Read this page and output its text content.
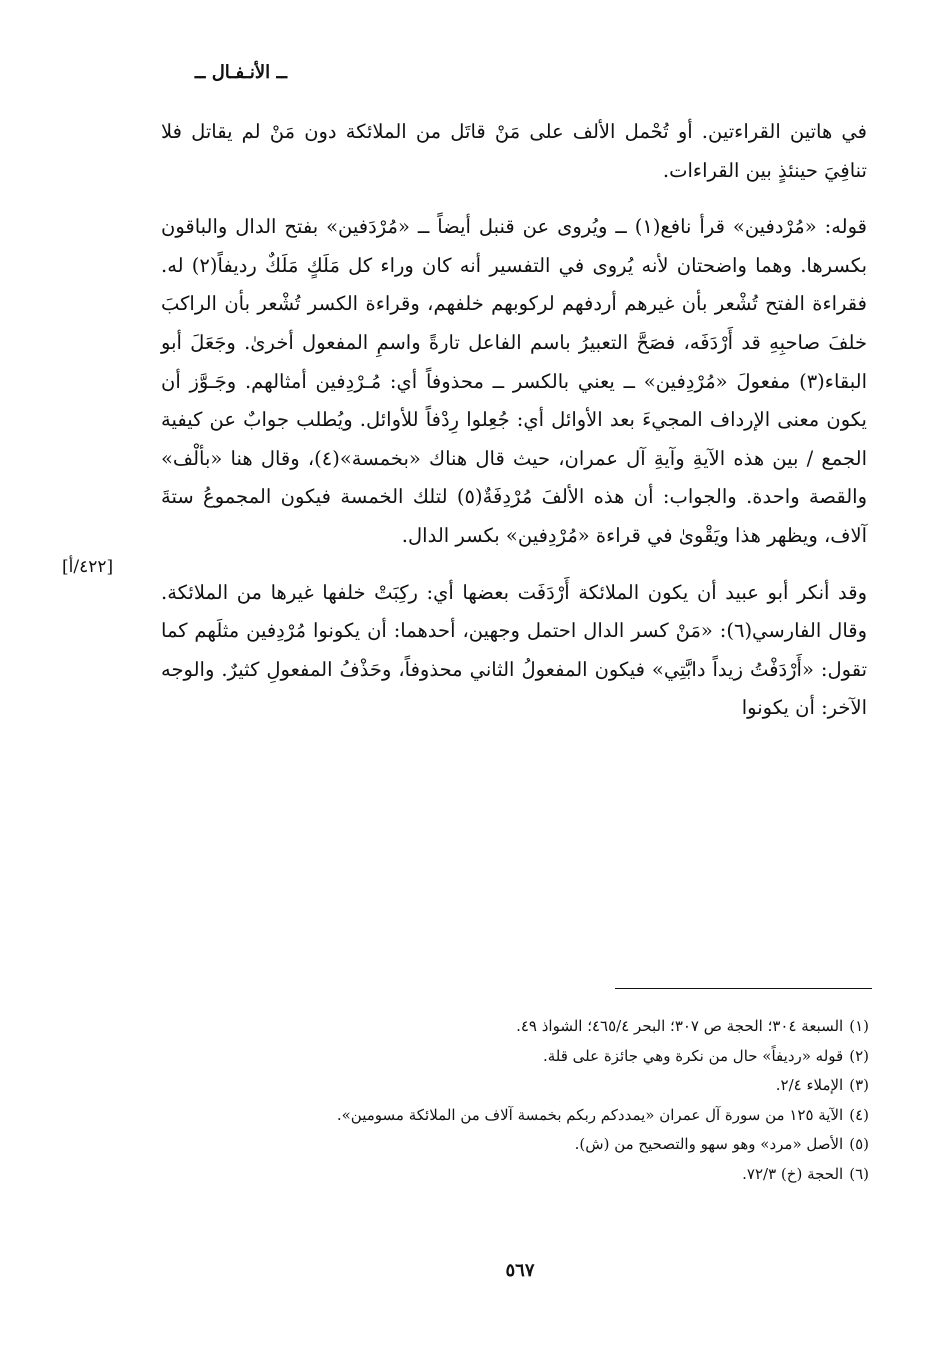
ــ الأنـفـال ــ

في هاتين القراءتين. أو تُحْمل الألف على مَنْ قاتَل من الملائكة دون مَنْ لم يقاتل فلا تنافِيَ حينئذٍ بين القراءات.

قوله: «مُرْدفين» قرأ نافع(١) ــ ويُروى عن قنبل أيضاً ــ «مُرْدَفين» بفتح الدال والباقون بكسرها. وهما واضحتان لأنه يُروى في التفسير أنه كان وراء كل مَلَكٍ مَلَكٌ رديفاً(٢) له. فقراءة الفتح تُشْعر بأن غيرهم أردفهم لركوبهم خلفهم، وقراءة الكسر تُشْعر بأن الراكبَ خلفَ صاحبِهِ قد أَرْدَفَه، فصَحَّ التعبيرُ باسم الفاعل تارةً واسمِ المفعول أخرىٰ. وجَعَلَ أبو البقاء(٣) مفعولَ «مُرْدِفين» ــ يعني بالكسر ــ محذوفاً أي: مُـرْدِفين أمثالهم. وجَـوَّز أن يكون معنى الإرداف المجيءَ بعد الأوائل أي: جُعِلوا رِدْفاً للأوائل. ويُطلب جوابٌ عن كيفية الجمع / بين هذه الآيةِ وآيةِ آل عمران، حيث قال هناك «بخمسة»(٤)، وقال هنا «بألْف» والقصة واحدة. والجواب: أن هذه الألفَ مُرْدِفَةٌ(٥) لتلك الخمسة فيكون المجموعُ ستةَ آلاف، ويظهر هذا ويَقْوىٰ في قراءة «مُرْدِفين» بكسر الدال.

وقد أنكر أبو عبيد أن يكون الملائكة أَرْدَفَت بعضها أي: ركِبَتْ خلفها غيرها من الملائكة. وقال الفارسي(٦): «مَنْ كسر الدال احتمل وجهين، أحدهما: أن يكونوا مُرْدِفين مثلَهم كما تقول: «أَرْدَفْتُ زيداً دابَّتِي» فيكون المفعولُ الثاني محذوفاً، وحَذْفُ المفعولِ كثيرٌ. والوجه الآخر: أن يكونوا

[٤٢٢/أ]
(١)
السبعة ٣٠٤؛ الحجة ص ٣٠٧؛ البحر ٤٦٥/٤؛ الشواذ ٤٩.
(٢)
قوله «رديفاً» حال من نكرة وهي جائزة على قلة.
(٣)
الإملاء ٢/٤.
(٤)
الآية ١٢٥ من سورة آل عمران «يمددكم ربكم بخمسة آلاف من الملائكة مسومين».
(٥)
الأصل «مرد» وهو سهو والتصحيح من (ش).
(٦)
الحجة (خ) ٧٢/٣.
٥٦٧
